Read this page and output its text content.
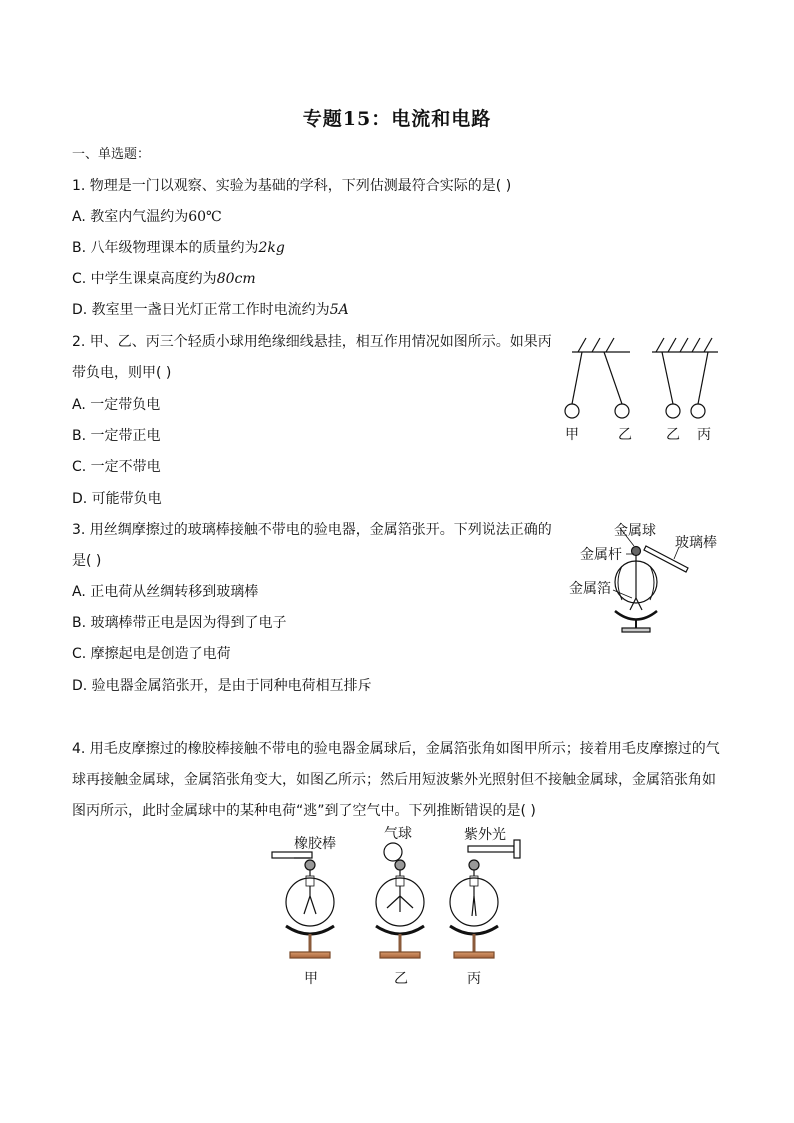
专题15：电流和电路
一、单选题：
1. 物理是一门以观察、实验为基础的学科，下列估测最符合实际的是( )
A. 教室内气温约为60℃
B. 八年级物理课本的质量约为2kg
C. 中学生课桌高度约为80cm
D. 教室里一盏日光灯正常工作时电流约为5A
2. 甲、乙、丙三个轻质小球用绝缘细线悬挂，相互作用情况如图所示。如果丙
带负电，则甲( )
A. 一定带负电
B. 一定带正电
C. 一定不带电
D. 可能带负电
甲	乙 乙 丙
3. 用丝绸摩擦过的玻璃棒接触不带电的验电器，金属箔张开。下列说法正确的
是( )
A. 正电荷从丝绸转移到玻璃棒
B. 玻璃棒带正电是因为得到了电子
C. 摩擦起电是创造了电荷
D. 验电器金属箔张开，是由于同种电荷相互排斥
金属球
金属杆
金属箔
玻璃棒
4. 用毛皮摩擦过的橡胶棒接触不带电的验电器金属球后，金属箔张角如图甲所示；接着用毛皮摩擦过的气
球再接触金属球，金属箔张角变大，如图乙所示；然后用短波紫外光照射但不接触金属球，金属箔张角如
图丙所示，此时金属球中的某种电荷“逃”到了空气中。下列推断错误的是( )
橡胶棒
气球	紫外光
甲	乙	丙
